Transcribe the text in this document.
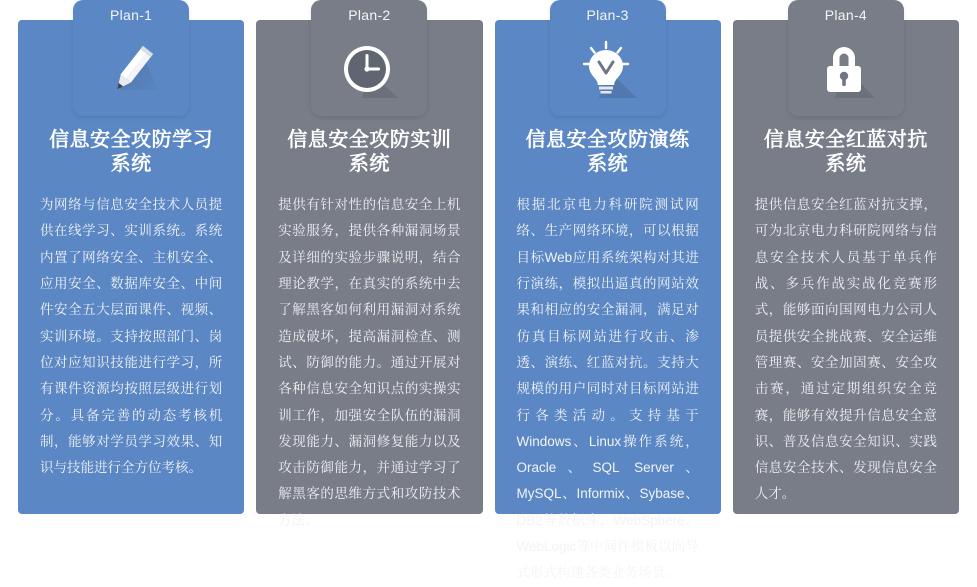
Plan-1
信息安全攻防学习系统

为网络与信息安全技术人员提供在线学习、实训系统。系统内置了网络安全、主机安全、应用安全、数据库安全、中间件安全五大层面课件、视频、实训环境。支持按照部门、岗位对应知识技能进行学习，所有课件资源均按照层级进行划分。具备完善的动态考核机制，能够对学员学习效果、知识与技能进行全方位考核。

Plan-2
信息安全攻防实训系统

提供有针对性的信息安全上机实验服务，提供各种漏洞场景及详细的实验步骤说明，结合理论教学，在真实的系统中去了解黑客如何利用漏洞对系统造成破坏，提高漏洞检查、测试、防御的能力。通过开展对各种信息安全知识点的实操实训工作，加强安全队伍的漏洞发现能力、漏洞修复能力以及攻击防御能力，并通过学习了解黑客的思维方式和攻防技术方法。

Plan-3
信息安全攻防演练系统

根据北京电力科研院测试网络、生产网络环境，可以根据目标Web应用系统架构对其进行演练，模拟出逼真的网站效果和相应的安全漏洞，满足对仿真目标网站进行攻击、渗透、演练、红蓝对抗。支持大规模的用户同时对目标网站进行各类活动。支持基于Windows、Linux操作系统，Oracle、SQL Server、MySQL、Informix、Sybase、DB2等数据库，WebSphere、WebLogic等中间件模板以向导式形式构建各类业务场景。

Plan-4
信息安全红蓝对抗系统

提供信息安全红蓝对抗支撑，可为北京电力科研院网络与信息安全技术人员基于单兵作战、多兵作战实战化竞赛形式，能够面向国网电力公司人员提供安全挑战赛、安全运维管理赛、安全加固赛、安全攻击赛，通过定期组织安全竞赛，能够有效提升信息安全意识、普及信息安全知识、实践信息安全技术、发现信息安全人才。
